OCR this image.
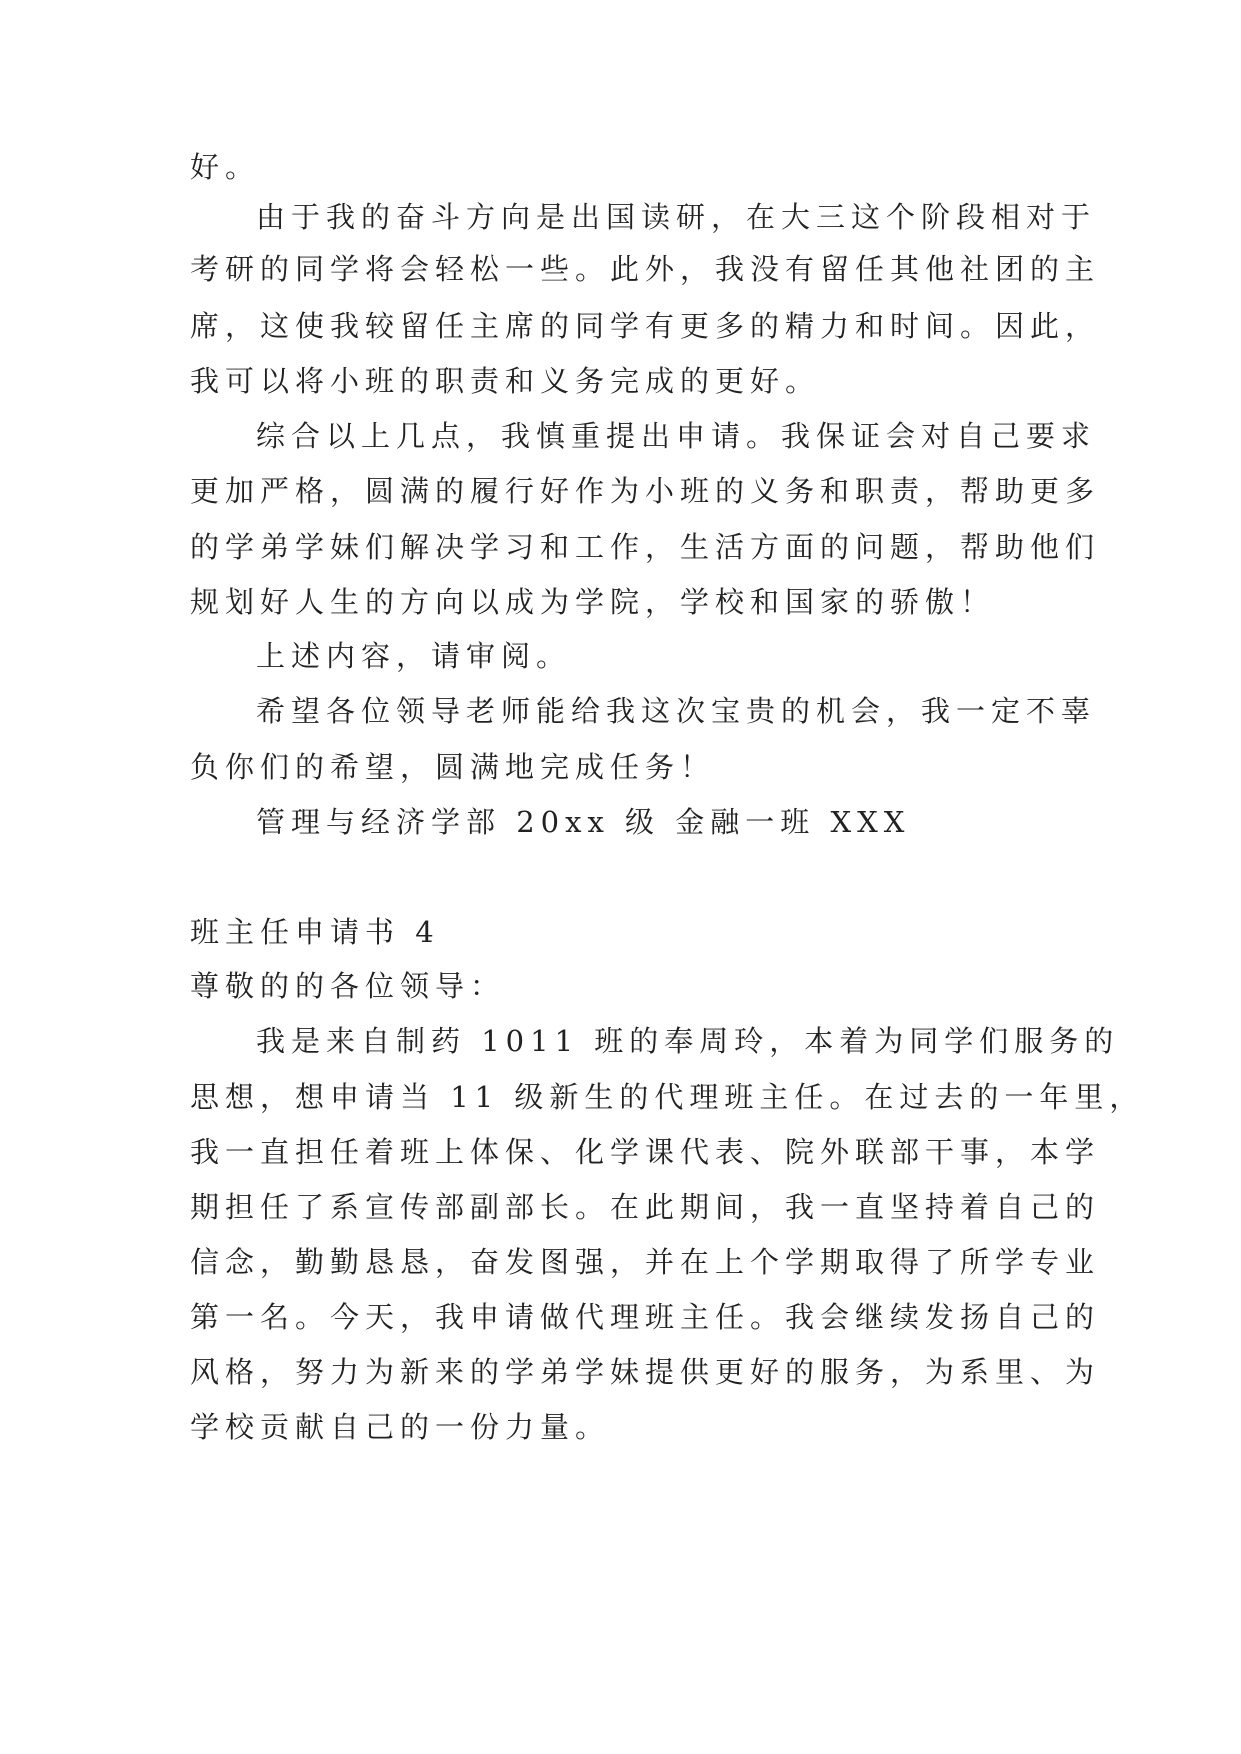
好。
由于我的奋斗方向是出国读研，在大三这个阶段相对于
考研的同学将会轻松一些。此外，我没有留任其他社团的主
席，这使我较留任主席的同学有更多的精力和时间。因此，
我可以将小班的职责和义务完成的更好。
综合以上几点，我慎重提出申请。我保证会对自己要求
更加严格，圆满的履行好作为小班的义务和职责，帮助更多
的学弟学妹们解决学习和工作，生活方面的问题，帮助他们
规划好人生的方向以成为学院，学校和国家的骄傲！
上述内容，请审阅。
希望各位领导老师能给我这次宝贵的机会，我一定不辜
负你们的希望，圆满地完成任务！
管理与经济学部 20xx 级 金融一班 XXX
班主任申请书 4
尊敬的的各位领导：
我是来自制药 1011 班的奉周玲，本着为同学们服务的
思想，想申请当 11 级新生的代理班主任。在过去的一年里，
我一直担任着班上体保、化学课代表、院外联部干事，本学
期担任了系宣传部副部长。在此期间，我一直坚持着自己的
信念，勤勤恳恳，奋发图强，并在上个学期取得了所学专业
第一名。今天，我申请做代理班主任。我会继续发扬自己的
风格，努力为新来的学弟学妹提供更好的服务，为系里、为
学校贡献自己的一份力量。
